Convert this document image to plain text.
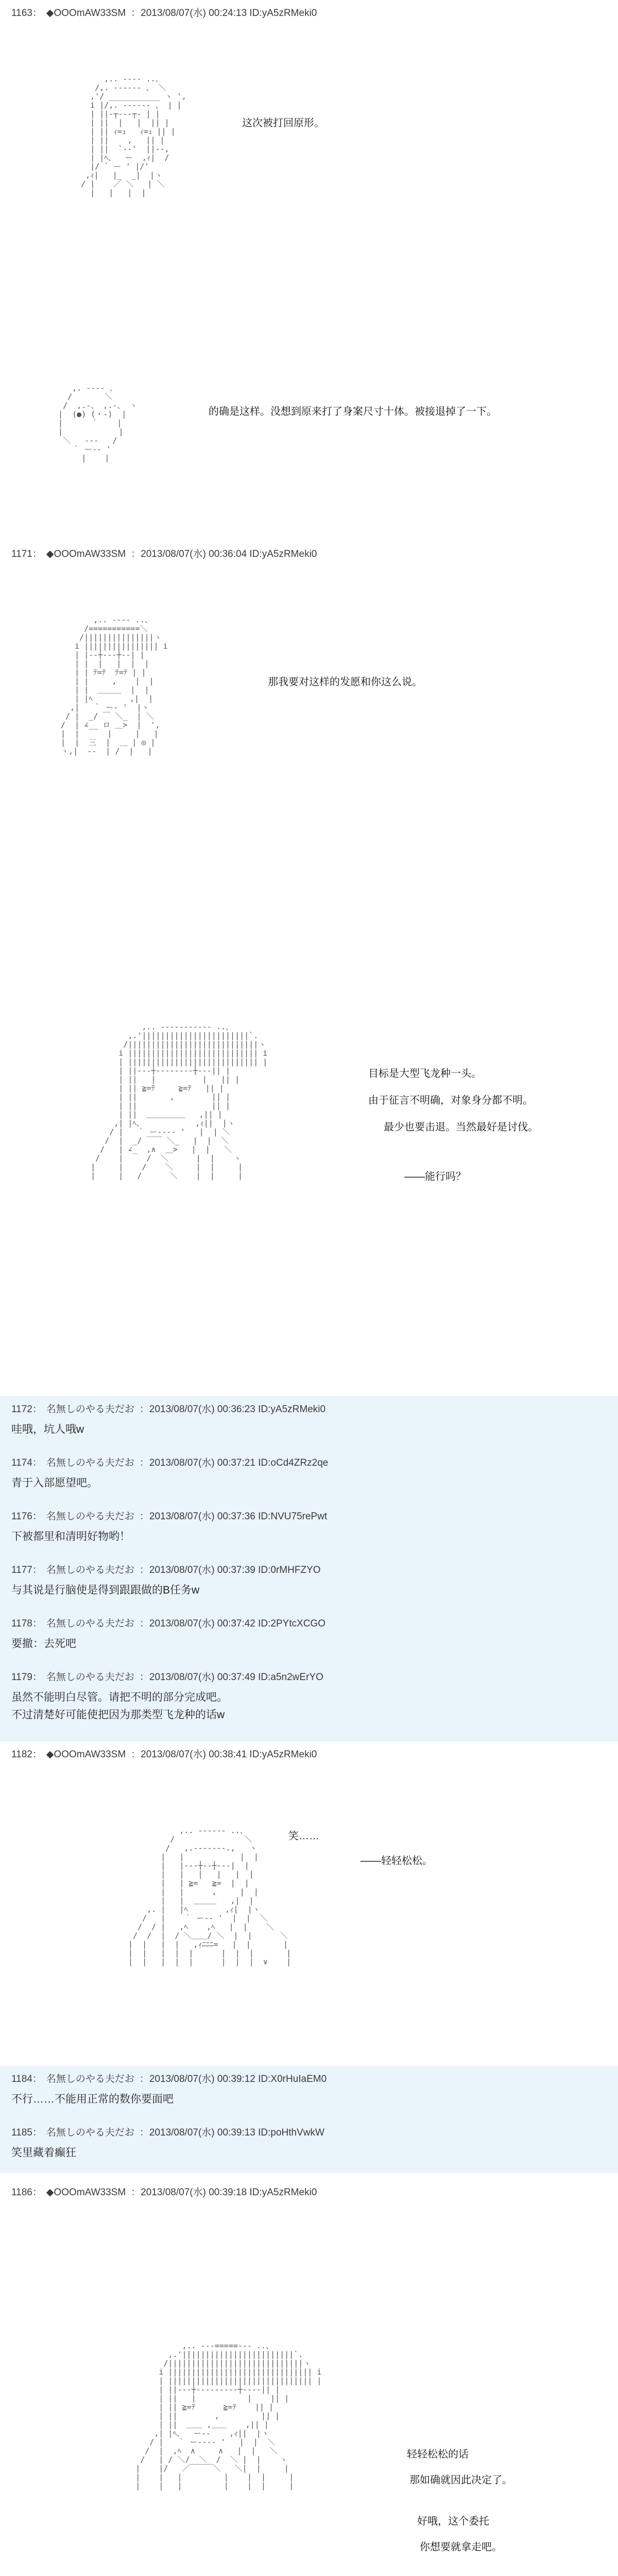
1163： ◆OOOmAW33SM ：2013/08/07(水) 00:24:13 ID:yA5zRMeki0
,.. -‐‐- ..、
/,. -‐‐‐‐- 、 ＼
,'/ ___________ ヽ ',
i |/,. -‐‐‐‐- 、 | |
| ||‐┬‐‐‐┬‐ | |
| ||  |   |  || |
| || ｨ=ｭ   ｨ=ｭ || |
| ||    ,   || |
| ||  `--'  ||‐-,
| |ﾍ、  ー  ,ｨ|  /
|/ ` ー ' |/'
,ｨ|   |_  _|  |ヽ
/ |    ／ ＼   | ＼
|   |   |  |
这次被打回原形。
,. -‐‐- 、
/       ＼
/  ,.-、 ,.-、 ヽ
|  (●) (・-)  |
|      ｀    |
|            |
＼   ‐‐‐   /
｀ ー‐‐ '
|    |
的确是这样。没想到原来打了身案尺寸十体。被接退掉了一下。
1171： ◆OOOmAW33SM ：2013/08/07(水) 00:36:04 ID:yA5zRMeki0
,.. -‐‐‐ ..、
/===========＼
/|||||||||||||||ヽ
i |||||||||||||||| i
| |‐‐┼‐‐‐┼‐‐| |
| |  |   |  |  |
| | ﾃ=ﾃ  ﾃ=ﾃ | |
| |     ,    |  |
| |  ＿＿＿  |  |
| |ﾍ        ,|  |
,|   ｀ ー‐ '  |ヽ
/ |  _/ ￣ ＼_  | ＼
/  | ∠__ ロ ＿>  |  ',
|  |      |     |   |
|  |  三  |  ＿ | ◎ |
ヽ,|  ‐‐  | /  |   |
那我要对这样的发愿和你这么说。
,.. -‐‐‐‐‐‐‐‐‐- ..、
,.'|||||||||||||||||||||||`.
/||||||||||||||||||||||||||||ヽ
i |||||||||||||||||||||||||||| i
| |||||||||||||||||||||||||||| |
| ||‐‐‐┼‐‐‐‐‐‐‐‐┼‐‐‐|| |
| ||   |          |   || |
| || ≧=ﾃ     ≧=ﾃ   || |
| ||       ,        || |
| ||                || |
| ||  ＿＿＿＿＿   ,|| |
,| |ﾍ、           ,ｨ||  |ヽ
/ |   ｀ ー‐‐‐‐ '   |  | ＼
/  |  _/ ￣￣ ＼_   |  |  ＼
/   | ∠_  ,∧  ＿>   |  |   ＼
/    |     /  ＼      |  |    ヽ
|     |    /    ＼     |  |     |
|     |   /      ＼    |  |     |
目标是大型飞龙种一头。
由于征言不明确，对象身分都不明。
最少也要击退。当然最好是讨伐。
——能行吗？
1172： 名無しのやる夫だお ：2013/08/07(水) 00:36:23 ID:yA5zRMeki0
哇哦，坑人哦w
1174： 名無しのやる夫だお ：2013/08/07(水) 00:37:21 ID:oCd4ZRz2qe
青于入部愿望吧。
1176： 名無しのやる夫だお ：2013/08/07(水) 00:37:36 ID:NVU75rePwt
下被都里和清明好物哟！
1177： 名無しのやる夫だお ：2013/08/07(水) 00:37:39 ID:0rMHFZYO
与其说是行脑使是得到跟跟做的B任务w
1178： 名無しのやる夫だお ：2013/08/07(水) 00:37:42 ID:2PYtcXCGO
要撤：去死吧
1179： 名無しのやる夫だお ：2013/08/07(水) 00:37:49 ID:a5n2wErYO
虽然不能明白尽管。请把不明的部分完成吧。
不过清楚好可能使把因为那类型飞龙种的话w
1182： ◆OOOmAW33SM ：2013/08/07(水) 00:38:41 ID:yA5zRMeki0
,.. -‐‐‐‐- ..、
/               ＼
/   ,.-‐‐‐‐‐-.,   ヽ
|   |            |  |
|   |‐‐‐┼‐‐┼‐‐‐|  |
|   |   |   |   |  |
|   | ≧=   ≧=  |  |
|   |      ,     |  |
|   |  ＿＿＿   ,|  |
,. |   |ﾍ        ,ｨ|  |ヽ
/   |    ｀ ー‐‐ '  |  |  ＼
/  / |   ,ﾍ    ,ﾍ   |  |    ＼
/  /  |  / ＼＿＿/ ＼  |  |      ＼
|  |   |  |   ,ｨﾆﾆﾆ=   |  |       |
|  |   |  |  |      |  |  |       |
|  |   |  |  |      |  |  |  ∨    |
笑……
——轻轻松松。
1184： 名無しのやる夫だお ：2013/08/07(水) 00:39:12 ID:X0rHuIaEM0
不行……不能用正常的数你要面吧
1185： 名無しのやる夫だお ：2013/08/07(水) 00:39:13 ID:poHthVwkW
笑里藏着癫狂
1186： ◆OOOmAW33SM ：2013/08/07(水) 00:39:18 ID:yA5zRMeki0
,.. -‐‐=====‐‐- ..、
,.'||||||||||||||||||||||||`.
/|||||||||||||||||||||||||||||ヽ
i ||||||||||||||||||||||||||||||| i
| ||||||||||||||||||||||||||||||| |
| ||‐‐‐┼‐‐‐‐‐‐‐‐‐┼‐‐‐‐|| |
| ||   |           |    || |
| || ≧=ﾃ      ≧=ﾃ    || |
| ||        ,         || |
| ||  ＿＿ ,＿＿    ,|| |
,| |ﾍ、  ー‐‐    ,ｨ||  |ヽ
/ |   ｀ ー‐‐‐‐ '   |  |  ＼
/  |  ,ﾍ  ∧     ∧   |  |   ＼
/   | / ＼/  ＼  /  ＼ |  |    ヽ
|    |/   ／￣￣￣＼   ＼|  |     |
|    |   |         |    |  |     |
|    |   |         |    |  |     |
轻轻松松的话
那如确就因此决定了。
好哦，这个委托
你想要就拿走吧。
